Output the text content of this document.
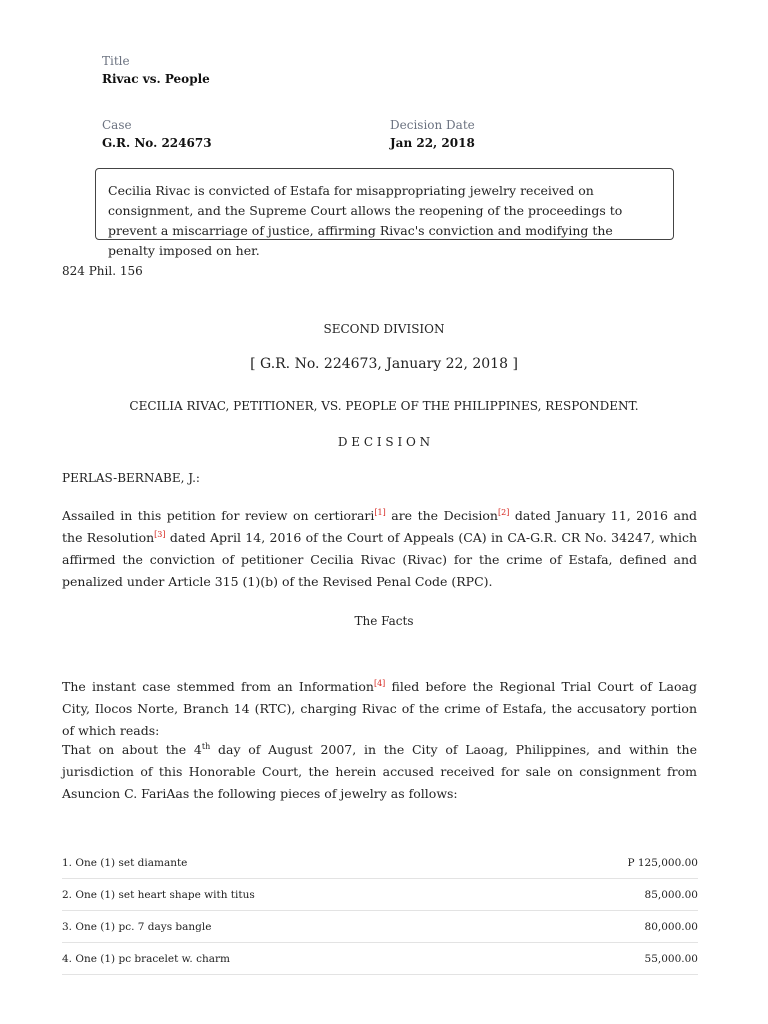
Title
Rivac vs. People
Case
G.R. No. 224673
Decision Date
Jan 22, 2018
Cecilia Rivac is convicted of Estafa for misappropriating jewelry received on consignment, and the Supreme Court allows the reopening of the proceedings to prevent a miscarriage of justice, affirming Rivac's conviction and modifying the penalty imposed on her.
824 Phil. 156
SECOND DIVISION
[ G.R. No. 224673, January 22, 2018 ]
CECILIA RIVAC, PETITIONER, VS. PEOPLE OF THE PHILIPPINES, RESPONDENT.
D E C I S I O N
PERLAS-BERNABE, J.:

Assailed in this petition for review on certiorari[1] are the Decision[2] dated January 11, 2016 and the Resolution[3] dated April 14, 2016 of the Court of Appeals (CA) in CA-G.R. CR No. 34247, which affirmed the conviction of petitioner Cecilia Rivac (Rivac) for the crime of Estafa, defined and penalized under Article 315 (1)(b) of the Revised Penal Code (RPC).

The Facts

The instant case stemmed from an Information[4] filed before the Regional Trial Court of Laoag City, Ilocos Norte, Branch 14 (RTC), charging Rivac of the crime of Estafa, the accusatory portion of which reads:

That on about the 4th day of August 2007, in the City of Laoag, Philippines, and within the jurisdiction of this Honorable Court, the herein accused received for sale on consignment from Asuncion C. FariAas the following pieces of jewelry as follows:

1. One (1) set diamante	P 125,000.00
2. One (1) set heart shape with titus	85,000.00
3. One (1) pc. 7 days bangle	80,000.00
4. One (1) pc bracelet w. charm	55,000.00
